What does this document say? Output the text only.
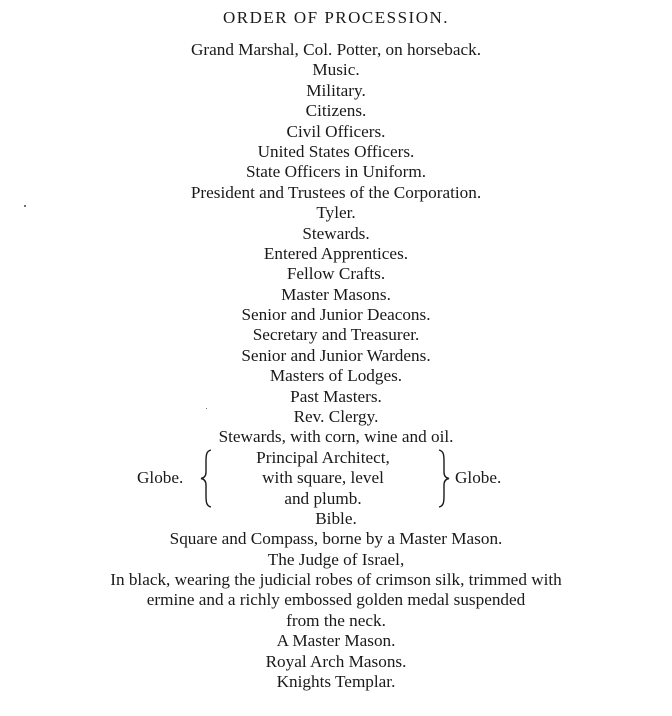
ORDER OF PROCESSION.
Grand Marshal, Col. Potter, on horseback.
Music.
Military.
Citizens.
Civil Officers.
United States Officers.
State Officers in Uniform.
President and Trustees of the Corporation.
Tyler.
Stewards.
Entered Apprentices.
Fellow Crafts.
Master Masons.
Senior and Junior Deacons.
Secretary and Treasurer.
Senior and Junior Wardens.
Masters of Lodges.
Past Masters.
Rev. Clergy.
Stewards, with corn, wine and oil.
Globe.
Principal Architect,
with square, level
and plumb.
Globe.
Bible.
Square and Compass, borne by a Master Mason.
The Judge of Israel,
In black, wearing the judicial robes of crimson silk, trimmed with
ermine and a richly embossed golden medal suspended
from the neck.
A Master Mason.
Royal Arch Masons.
Knights Templar.
